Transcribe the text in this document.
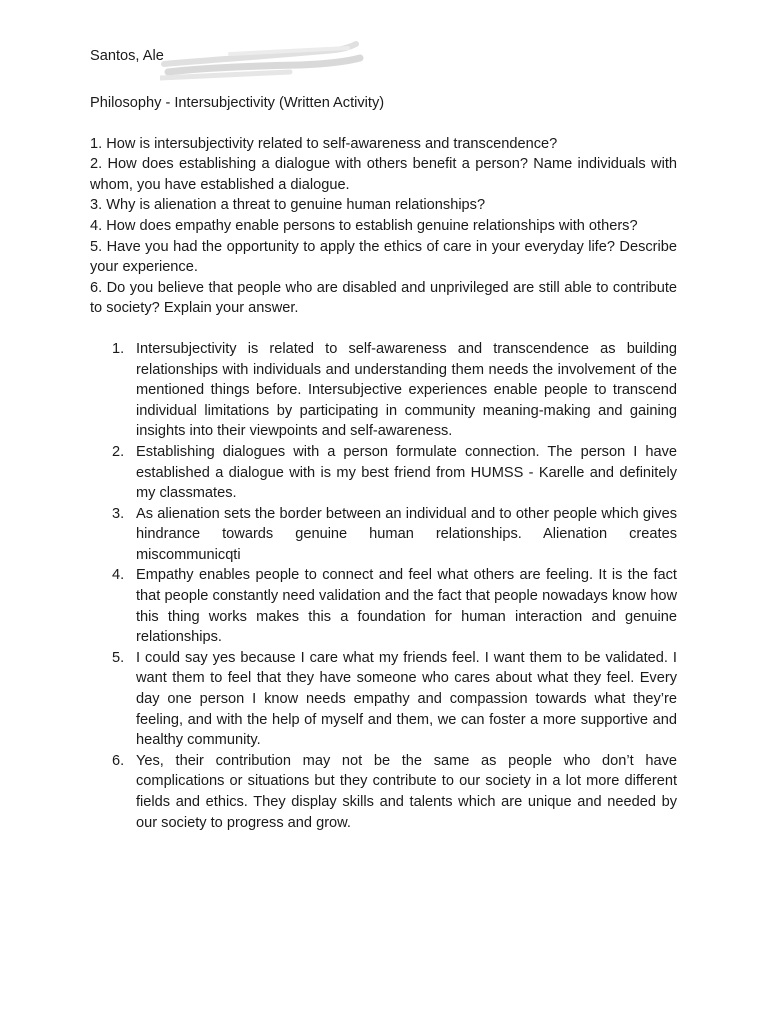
Santos, Ale
Philosophy - Intersubjectivity (Written Activity)

1. How is intersubjectivity related to self-awareness and transcendence?

2. How does establishing a dialogue with others benefit a person? Name individuals with whom, you have established a dialogue.

3. Why is alienation a threat to genuine human relationships?

4. How does empathy enable persons to establish genuine relationships with others?

5. Have you had the opportunity to apply the ethics of care in your everyday life? Describe your experience.

6. Do you believe that people who are disabled and unprivileged are still able to contribute to society? Explain your answer.

1. Intersubjectivity is related to self-awareness and transcendence as building relationships with individuals and understanding them needs the involvement of the mentioned things before. Intersubjective experiences enable people to transcend individual limitations by participating in community meaning-making and gaining insights into their viewpoints and self-awareness.
2. Establishing dialogues with a person formulate connection. The person I have established a dialogue with is my best friend from HUMSS - Karelle and definitely my classmates.
3. As alienation sets the border between an individual and to other people which gives hindrance towards genuine human relationships. Alienation creates miscommunicqti
4. Empathy enables people to connect and feel what others are feeling. It is the fact that people constantly need validation and the fact that people nowadays know how this thing works makes this a foundation for human interaction and genuine relationships.
5. I could say yes because I care what my friends feel. I want them to be validated. I want them to feel that they have someone who cares about what they feel. Every day one person I know needs empathy and compassion towards what they’re feeling, and with the help of myself and them, we can foster a more supportive and healthy community.
6. Yes, their contribution may not be the same as people who don’t have complications or situations but they contribute to our society in a lot more different fields and ethics. They display skills and talents which are unique and needed by our society to progress and grow.
